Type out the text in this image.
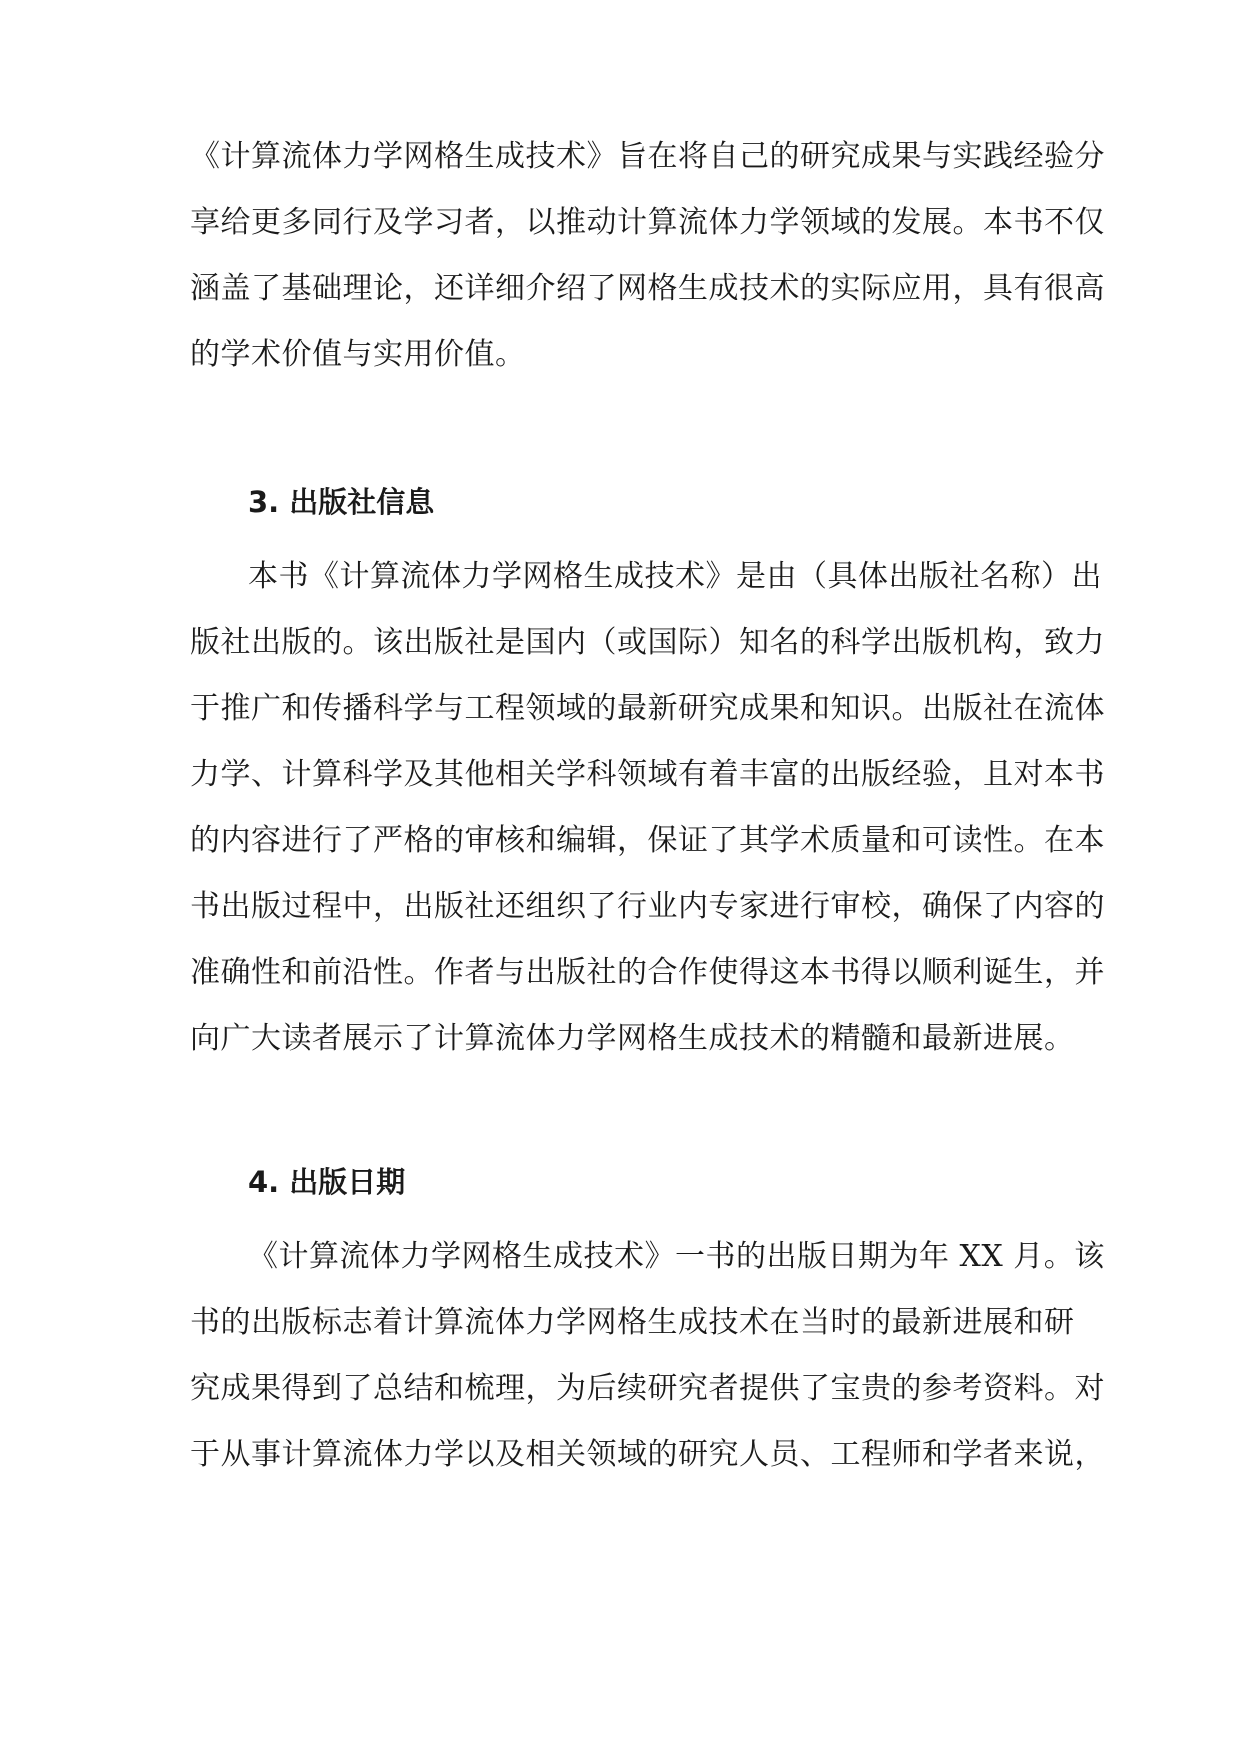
《计算流体力学网格生成技术》旨在将自己的研究成果与实践经验分
享给更多同行及学习者，以推动计算流体力学领域的发展。本书不仅
涵盖了基础理论，还详细介绍了网格生成技术的实际应用，具有很高
的学术价值与实用价值。
3. 出版社信息
本书《计算流体力学网格生成技术》是由（具体出版社名称）出
版社出版的。该出版社是国内（或国际）知名的科学出版机构，致力
于推广和传播科学与工程领域的最新研究成果和知识。出版社在流体
力学、计算科学及其他相关学科领域有着丰富的出版经验，且对本书
的内容进行了严格的审核和编辑，保证了其学术质量和可读性。在本
书出版过程中，出版社还组织了行业内专家进行审校，确保了内容的
准确性和前沿性。作者与出版社的合作使得这本书得以顺利诞生，并
向广大读者展示了计算流体力学网格生成技术的精髓和最新进展。
4. 出版日期
《计算流体力学网格生成技术》一书的出版日期为年 XX 月。该
书的出版标志着计算流体力学网格生成技术在当时的最新进展和研
究成果得到了总结和梳理，为后续研究者提供了宝贵的参考资料。对
于从事计算流体力学以及相关领域的研究人员、工程师和学者来说，
